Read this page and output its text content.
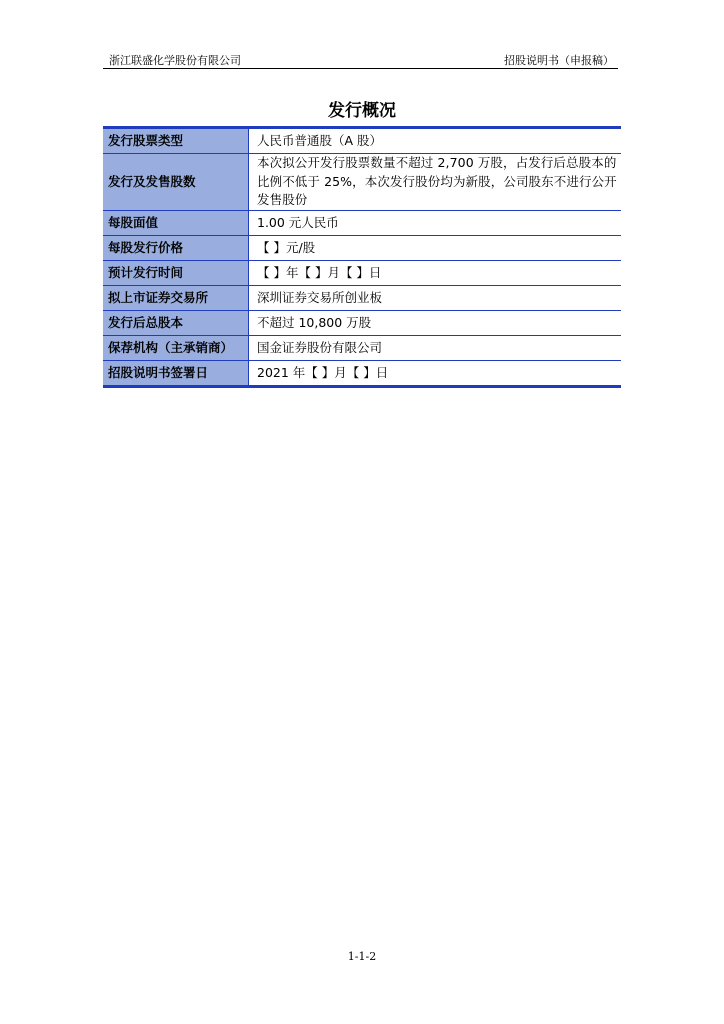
浙江联盛化学股份有限公司	招股说明书（申报稿）
发行概况
发行股票类型	人民币普通股（A 股）
发行及发售股数	本次拟公开发行股票数量不超过 2,700 万股，占发行后总股本的比例不低于 25%，本次发行股份均为新股，公司股东不进行公开发售股份
每股面值	1.00 元人民币
每股发行价格	【 】元/股
预计发行时间	【 】年【 】月【 】日
拟上市证券交易所	深圳证券交易所创业板
发行后总股本	不超过 10,800 万股
保荐机构（主承销商）	国金证券股份有限公司
招股说明书签署日	2021 年【 】月【 】日
1-1-2
